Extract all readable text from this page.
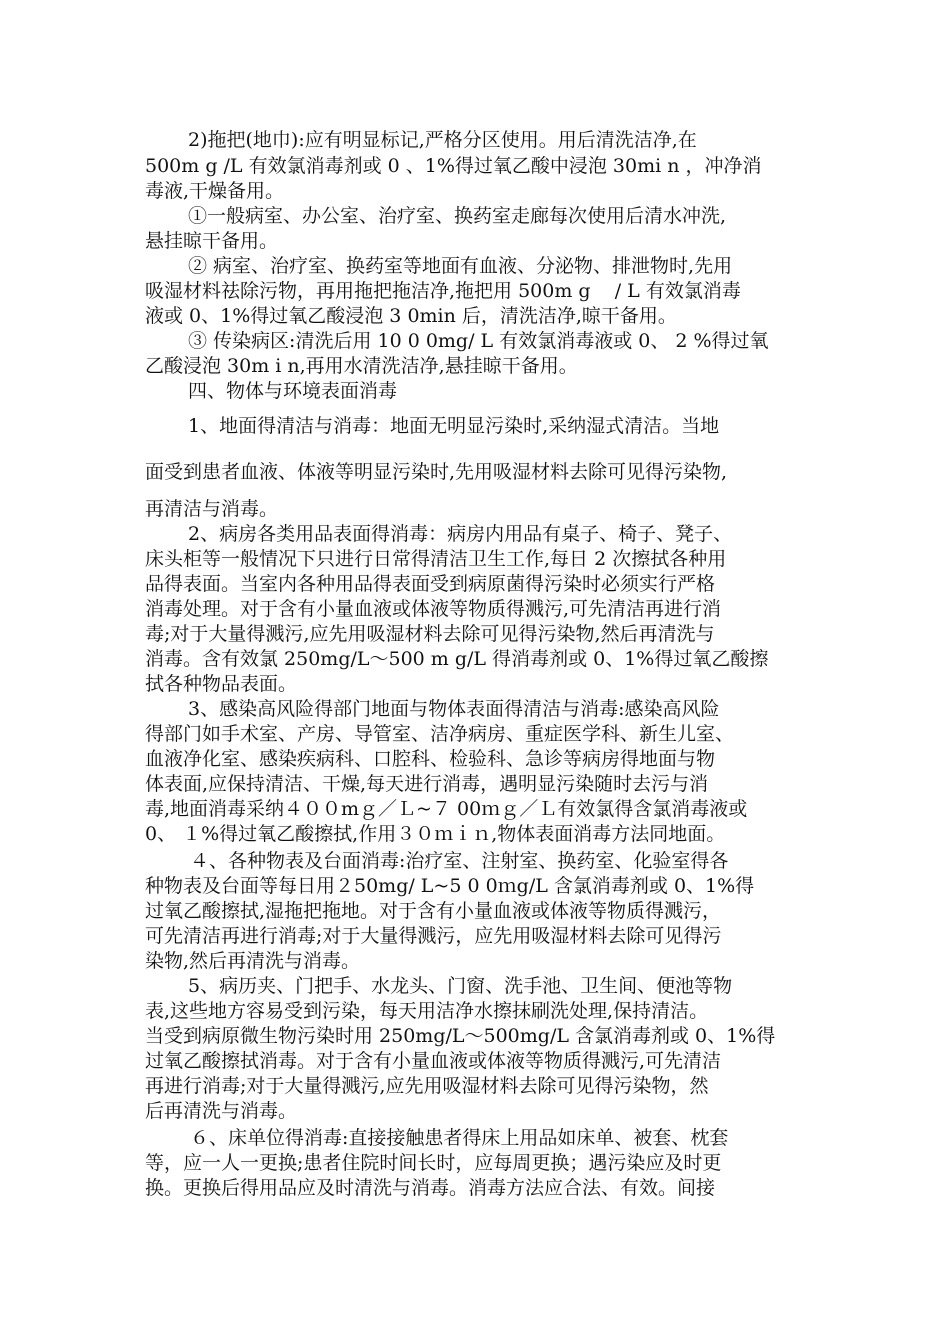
2)拖把(地巾):应有明显标记,严格分区使用。用后清洗洁净,在
500m g /L 有效氯消毒剂或 0 、1%得过氧乙酸中浸泡 30mi n ，冲净消
毒液,干燥备用。
①一般病室、办公室、治疗室、换药室走廊每次使用后清水冲洗,
悬挂晾干备用。
② 病室、治疗室、换药室等地面有血液、分泌物、排泄物时,先用
吸湿材料祛除污物，再用拖把拖洁净,拖把用 500m g    / L 有效氯消毒
液或 0、1%得过氧乙酸浸泡 3 0min 后，清洗洁净,晾干备用。
③ 传染病区:清洗后用 10 0 0mg/ L 有效氯消毒液或 0、 2 %得过氧
乙酸浸泡 30m i n,再用水清洗洁净,悬挂晾干备用。
四、物体与环境表面消毒
1、地面得清洁与消毒：地面无明显污染时,采纳湿式清洁。当地
面受到患者血液、体液等明显污染时,先用吸湿材料去除可见得污染物,
再清洁与消毒。
2、病房各类用品表面得消毒：病房内用品有桌子、椅子、凳子、
床头柜等一般情况下只进行日常得清洁卫生工作,每日 2 次擦拭各种用
品得表面。当室内各种用品得表面受到病原菌得污染时必须实行严格
消毒处理。对于含有小量血液或体液等物质得溅污,可先清洁再进行消
毒;对于大量得溅污,应先用吸湿材料去除可见得污染物,然后再清洗与
消毒。含有效氯 250mg/L～500 m g/L 得消毒剂或 0、1%得过氧乙酸擦
拭各种物品表面。
3、感染高风险得部门地面与物体表面得清洁与消毒:感染高风险
得部门如手术室、产房、导管室、洁净病房、重症医学科、新生儿室、
血液净化室、感染疾病科、口腔科、检验科、急诊等病房得地面与物
体表面,应保持清洁、干燥,每天进行消毒，遇明显污染随时去污与消
毒,地面消毒采纳４００mｇ／Ｌ~７ 00ｍｇ／Ｌ有效氯得含氯消毒液或
0、 １%得过氧乙酸擦拭,作用３０ｍｉｎ,物体表面消毒方法同地面。
４、各种物表及台面消毒:治疗室、注射室、换药室、化验室得各
种物表及台面等每日用２50mg/ L~5 0 0ｍg/L 含氯消毒剂或 0、1%得
过氧乙酸擦拭,湿拖把拖地。对于含有小量血液或体液等物质得溅污，
可先清洁再进行消毒;对于大量得溅污，应先用吸湿材料去除可见得污
染物,然后再清洗与消毒。
5、病历夹、门把手、水龙头、门窗、洗手池、卫生间、便池等物
表,这些地方容易受到污染，每天用洁净水擦抹刷洗处理,保持清洁。
当受到病原微生物污染时用 250mg/L～500mg/L 含氯消毒剂或 0、1%得
过氧乙酸擦拭消毒。对于含有小量血液或体液等物质得溅污,可先清洁
再进行消毒;对于大量得溅污,应先用吸湿材料去除可见得污染物，然
后再清洗与消毒。
６、床单位得消毒:直接接触患者得床上用品如床单、被套、枕套
等，应一人一更换;患者住院时间长时，应每周更换；遇污染应及时更
换。更换后得用品应及时清洗与消毒。消毒方法应合法、有效。间接
